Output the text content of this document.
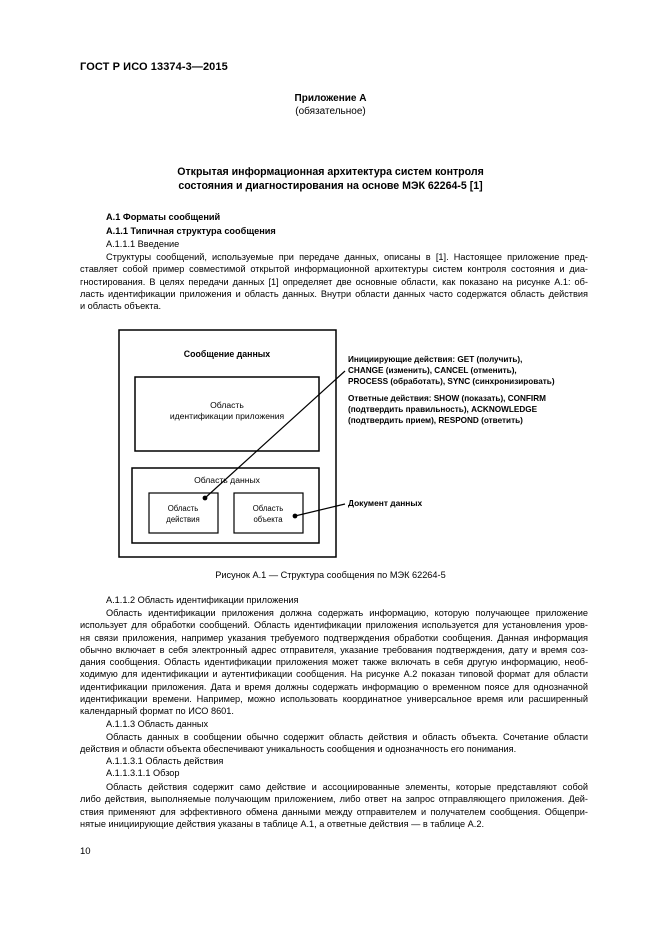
ГОСТ Р ИСО 13374-3—2015
Приложение А
(обязательное)
Открытая информационная архитектура систем контроля
состояния и диагностирования на основе МЭК 62264-5 [1]
А.1 Форматы сообщений
А.1.1 Типичная структура сообщения
А.1.1.1 Введение
Структуры сообщений, используемые при передаче данных, описаны в [1]. Настоящее приложение пред-
ставляет собой пример совместимой открытой информационной архитектуры систем контроля состояния и диа-
гностирования. В целях передачи данных [1] определяет две основные области, как показано на рисунке А.1: об-
ласть идентификации приложения и область данных. Внутри области данных часто содержатся область действия
и область объекта.
Сообщение данных
Область
идентификации приложения
Область данных
Область
действия
Область
объекта
Инициирующие действия: GET (получить),
CHANGE (изменить), CANCEL (отменить),
PROCESS (обработать), SYNC (синхронизировать)
Ответные действия: SHOW (показать), CONFIRM
(подтвердить правильность), ACKNOWLEDGE
(подтвердить прием), RESPOND (ответить)
Документ данных
Рисунок А.1 — Структура сообщения по МЭК 62264-5
А.1.1.2 Область идентификации приложения
Область идентификации приложения должна содержать информацию, которую получающее приложение
использует для обработки сообщений. Область идентификации приложения используется для установления уров-
ня связи приложения, например указания требуемого подтверждения обработки сообщения. Данная информация
обычно включает в себя электронный адрес отправителя, указание требования подтверждения, дату и время соз-
дания сообщения. Область идентификации приложения может также включать в себя другую информацию, необ-
ходимую для идентификации и аутентификации сообщения. На рисунке А.2 показан типовой формат для области
идентификации приложения. Дата и время должны содержать информацию о временном поясе для однозначной
идентификации времени. Например, можно использовать координатное универсальное время или расширенный
календарный формат по ИСО 8601.
А.1.1.3 Область данных
Область данных в сообщении обычно содержит область действия и область объекта. Сочетание области
действия и области объекта обеспечивают уникальность сообщения и однозначность его понимания.
А.1.1.3.1 Область действия
А.1.1.3.1.1 Обзор
Область действия содержит само действие и ассоциированные элементы, которые представляют собой
либо действия, выполняемые получающим приложением, либо ответ на запрос отправляющего приложения. Дей-
ствия применяют для эффективного обмена данными между отправителем и получателем сообщения. Общепри-
нятые инициирующие действия указаны в таблице А.1, а ответные действия — в таблице А.2.
10
